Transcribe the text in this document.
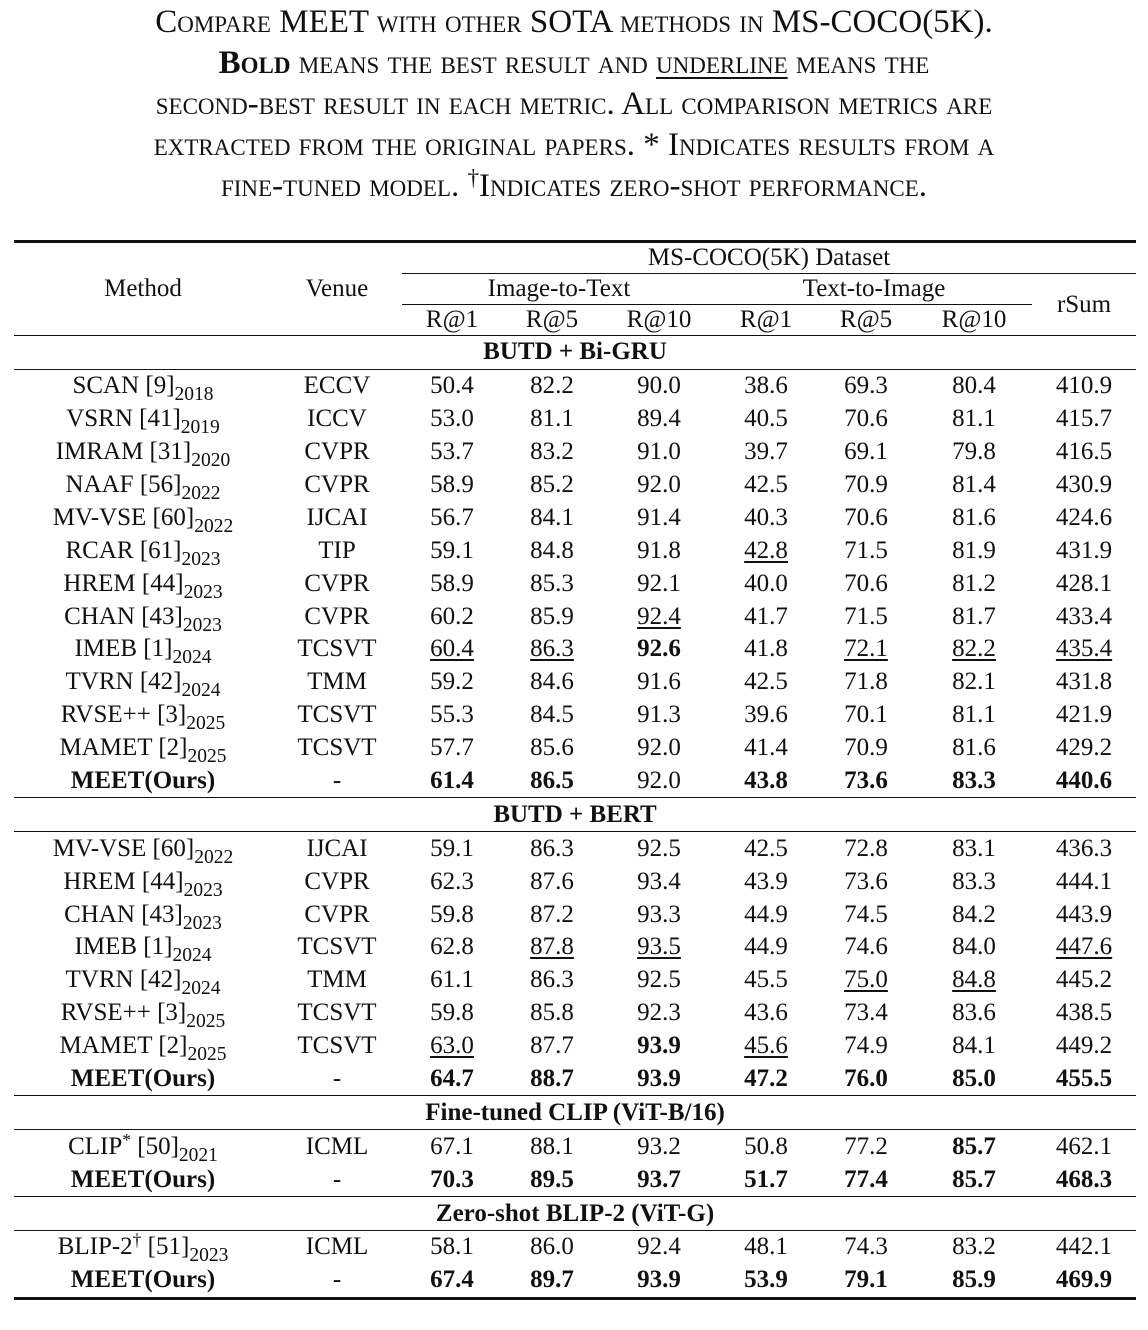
Compare MEET with other SOTA methods in MS-COCO(5K).
Bold means the best result and underline means the
second-best result in each metric. All comparison metrics are
extracted from the original papers. * Indicates results from a
fine-tuned model. †Indicates zero-shot performance.
Method	Venue	MS-COCO(5K) Dataset						
		Image-to-Text			Text-to-Image			rSum
		R@1	R@5	R@10	R@1	R@5	R@10	
BUTD + Bi-GRU								
SCAN $[9]_{2018}$	ECCV	50.4	82.2	90.0	38.6	69.3	80.4	410.9
VSRN $[41]_{2019}$	ICCV	53.0	81.1	89.4	40.5	70.6	81.1	415.7
IMRAM $[31]_{2020}$	CVPR	53.7	83.2	91.0	39.7	69.1	79.8	416.5
NAAF $[56]_{2022}$	CVPR	58.9	85.2	92.0	42.5	70.9	81.4	430.9
MV-VSE $[60]_{2022}$	IJCAI	56.7	84.1	91.4	40.3	70.6	81.6	424.6
RCAR $[61]_{2023}$	TIP	59.1	84.8	91.8	42.8	71.5	81.9	431.9
HREM $[44]_{2023}$	CVPR	58.9	85.3	92.1	40.0	70.6	81.2	428.1
CHAN $[43]_{2023}$	CVPR	60.2	85.9	92.4	41.7	71.5	81.7	433.4
IMEB $[1]_{2024}$	TCSVT	60.4	86.3	92.6	41.8	72.1	82.2	435.4
TVRN $[42]_{2024}$	TMM	59.2	84.6	91.6	42.5	71.8	82.1	431.8
RVSE++ $[3]_{2025}$	TCSVT	55.3	84.5	91.3	39.6	70.1	81.1	421.9
MAMET $[2]_{2025}$	TCSVT	57.7	85.6	92.0	41.4	70.9	81.6	429.2
MEET(Ours)	-	61.4	86.5	92.0	43.8	73.6	83.3	440.6
BUTD + BERT								
MV-VSE $[60]_{2022}$	IJCAI	59.1	86.3	92.5	42.5	72.8	83.1	436.3
HREM $[44]_{2023}$	CVPR	62.3	87.6	93.4	43.9	73.6	83.3	444.1
CHAN $[43]_{2023}$	CVPR	59.8	87.2	93.3	44.9	74.5	84.2	443.9
IMEB $[1]_{2024}$	TCSVT	62.8	87.8	93.5	44.9	74.6	84.0	447.6
TVRN $[42]_{2024}$	TMM	61.1	86.3	92.5	45.5	75.0	84.8	445.2
RVSE++ $[3]_{2025}$	TCSVT	59.8	85.8	92.3	43.6	73.4	83.6	438.5
MAMET $[2]_{2025}$	TCSVT	63.0	87.7	93.9	45.6	74.9	84.1	449.2
MEET(Ours)	-	64.7	88.7	93.9	47.2	76.0	85.0	455.5
Fine-tuned CLIP (ViT-B/16)								
CLIP* $[50]_{2021}$	ICML	67.1	88.1	93.2	50.8	77.2	85.7	462.1
MEET(Ours)	-	70.3	89.5	93.7	51.7	77.4	85.7	468.3
Zero-shot BLIP-2 (ViT-G)								
BLIP-2† $[51]_{2023}$	ICML	58.1	86.0	92.4	48.1	74.3	83.2	442.1
MEET(Ours)	-	67.4	89.7	93.9	53.9	79.1	85.9	469.9
